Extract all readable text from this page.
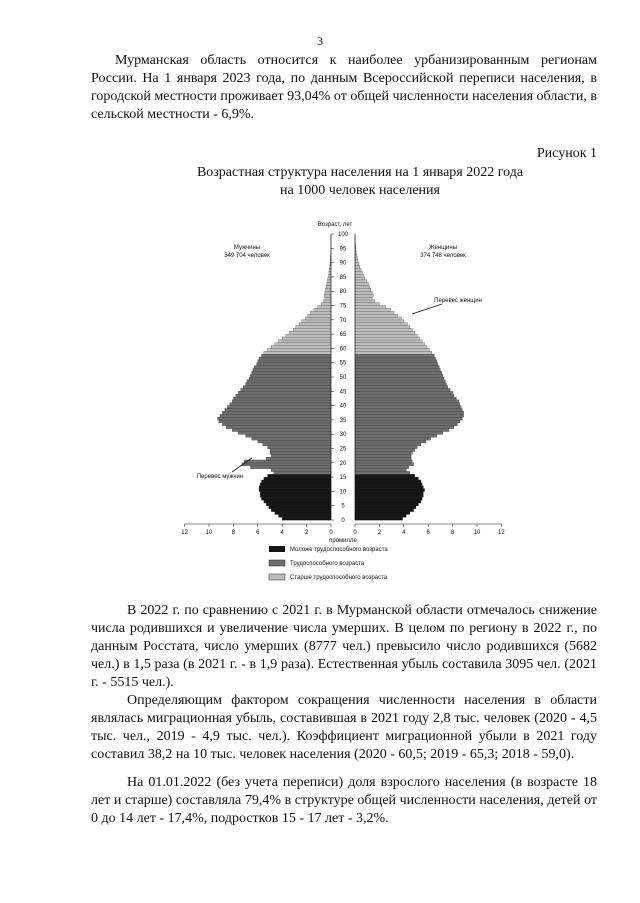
3

Мурманская область относится к наиболее урбанизированным регионам России. На 1 января 2023 года, по данным Всероссийской переписи населения, в городской местности проживает 93,04% от общей численности населения области, в сельской местности - 6,9%.

Рисунок 1
Возрастная структура населения на 1 января 2022 года
на 1000 человек населения
0
5
10
15
20
25
30
35
40
45
50
55
60
65
70
75
80
85
90
95
100
12	10	8	6	4	2	0	0	2	4	6	8	10	12
Возраст, лет
Мужчины
349 704 человек
Женщины
374 748 человек
Перевес мужчин
Перевес женщин
промилле
Моложе трудоспособного возраста
Трудоспособного возраста
Старше трудоспособного возраста

В 2022 г. по сравнению с 2021 г. в Мурманской области отмечалось снижение числа родившихся и увеличение числа умерших. В целом по региону в 2022 г., по данным Росстата, число умерших (8777 чел.) превысило число родившихся (5682 чел.) в 1,5 раза (в 2021 г. - в 1,9 раза). Естественная убыль составила 3095 чел. (2021 г. - 5515 чел.).

Определяющим фактором сокращения численности населения в области являлась миграционная убыль, составившая в 2021 году 2,8 тыс. человек (2020 - 4,5 тыс. чел., 2019 - 4,9 тыс. чел.). Коэффициент миграционной убыли в 2021 году составил 38,2 на 10 тыс. человек населения (2020 - 60,5; 2019 - 65,3; 2018 - 59,0).

На 01.01.2022 (без учета переписи) доля взрослого населения (в возрасте 18 лет и старше) составляла 79,4% в структуре общей численности населения, детей от 0 до 14 лет - 17,4%, подростков 15 - 17 лет - 3,2%.
